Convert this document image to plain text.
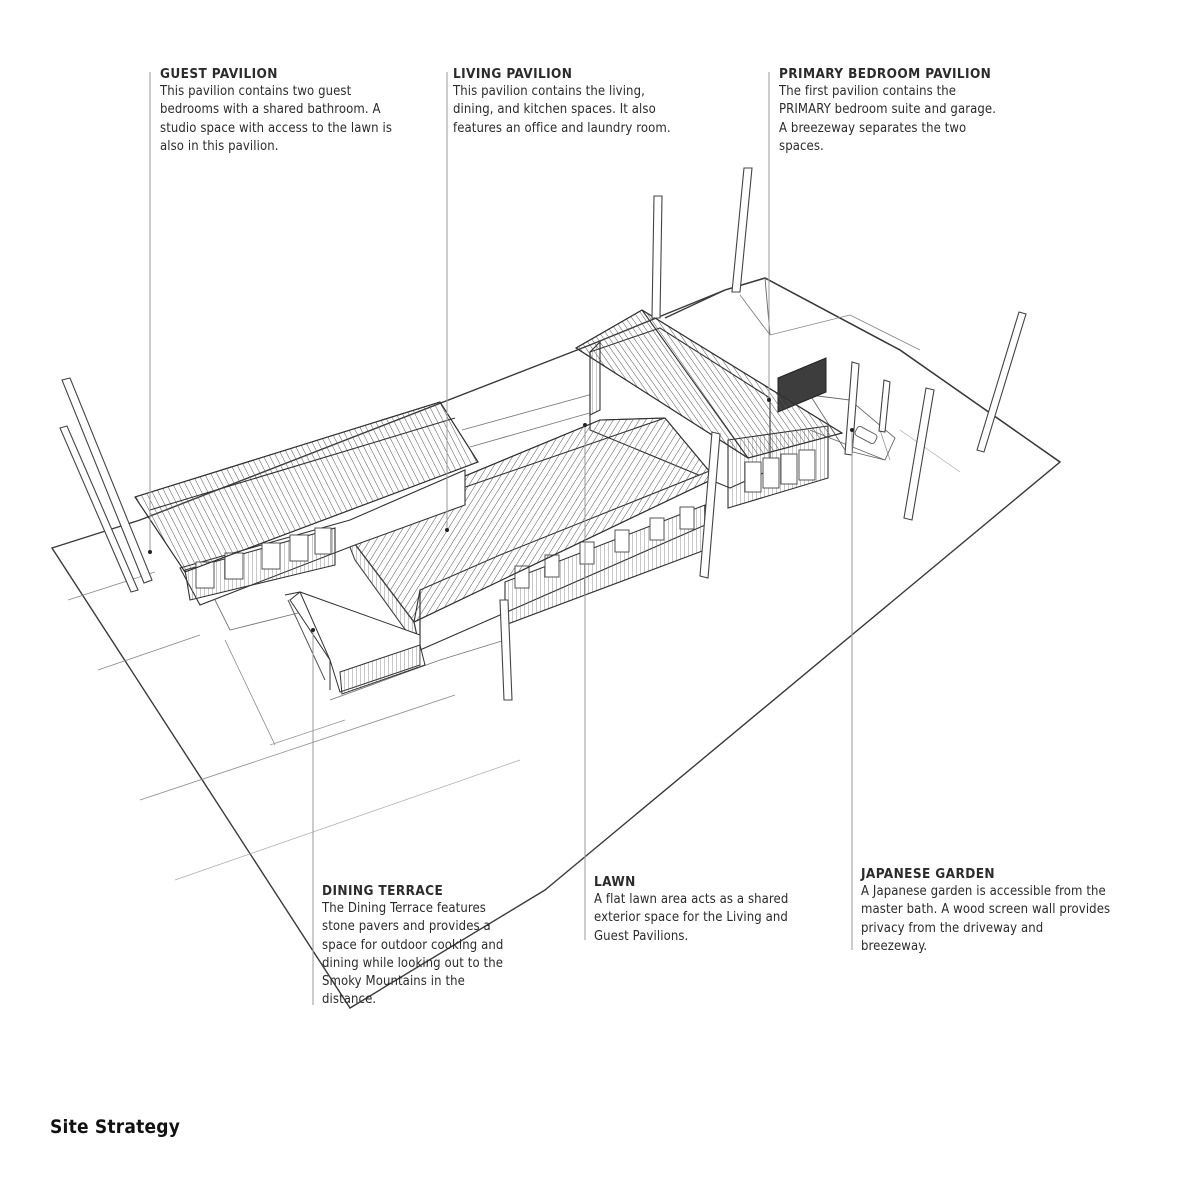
GUEST PAVILION

This pavilion contains two guest
bedrooms with a shared bathroom. A
studio space with access to the lawn is
also in this pavilion.

LIVING PAVILION

This pavilion contains the living,
dining, and kitchen spaces. It also
features an office and laundry room.

PRIMARY BEDROOM PAVILION

The first pavilion contains the
PRIMARY bedroom suite and garage.
A breezeway separates the two
spaces.

DINING TERRACE

The Dining Terrace features
stone pavers and provides a
space for outdoor cooking and
dining while looking out to the
Smoky Mountains in the
distance.

LAWN

A flat lawn area acts as a shared
exterior space for the Living and
Guest Pavilions.

JAPANESE GARDEN

A Japanese garden is accessible from the
master bath. A wood screen wall provides
privacy from the driveway and
breezeway.

Site Strategy
